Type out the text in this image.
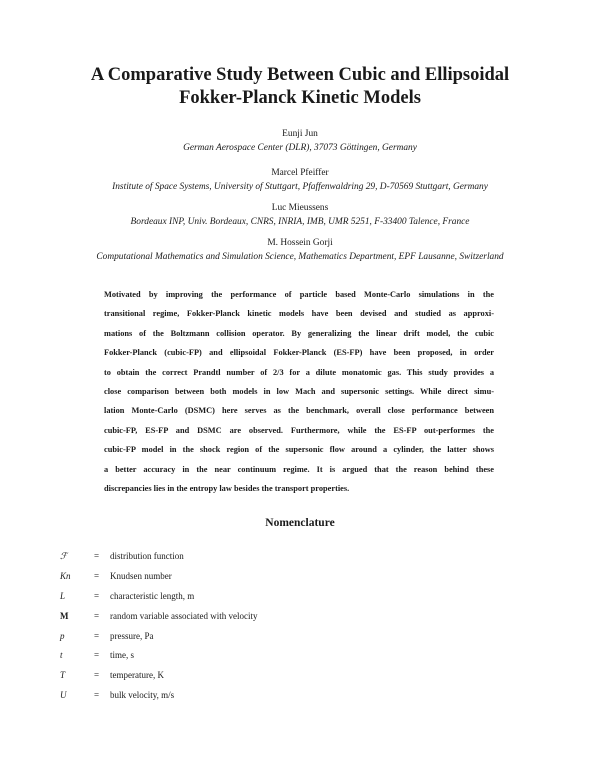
A Comparative Study Between Cubic and Ellipsoidal
Fokker-Planck Kinetic Models
Eunji Jun
German Aerospace Center (DLR), 37073 Göttingen, Germany
Marcel Pfeiffer
Institute of Space Systems, University of Stuttgart, Pfaffenwaldring 29, D-70569 Stuttgart, Germany
Luc Mieussens
Bordeaux INP, Univ. Bordeaux, CNRS, INRIA, IMB, UMR 5251, F-33400 Talence, France
M. Hossein Gorji
Computational Mathematics and Simulation Science, Mathematics Department, EPF Lausanne, Switzerland
Motivated by improving the performance of particle based Monte-Carlo simulations in the
transitional regime, Fokker-Planck kinetic models have been devised and studied as approxi-
mations of the Boltzmann collision operator. By generalizing the linear drift model, the cubic
Fokker-Planck (cubic-FP) and ellipsoidal Fokker-Planck (ES-FP) have been proposed, in order
to obtain the correct Prandtl number of 2/3 for a dilute monatomic gas. This study provides a
close comparison between both models in low Mach and supersonic settings. While direct simu-
lation Monte-Carlo (DSMC) here serves as the benchmark, overall close performance between
cubic-FP, ES-FP and DSMC are observed. Furthermore, while the ES-FP out-performes the
cubic-FP model in the shock region of the supersonic flow around a cylinder, the latter shows
a better accuracy in the near continuum regime. It is argued that the reason behind these
discrepancies lies in the entropy law besides the transport properties.
Nomenclature
ℱ	=	distribution function
Kn	=	Knudsen number
L	=	characteristic length, m
M	=	random variable associated with velocity
p	=	pressure, Pa
t	=	time, s
T	=	temperature, K
U	=	bulk velocity, m/s
